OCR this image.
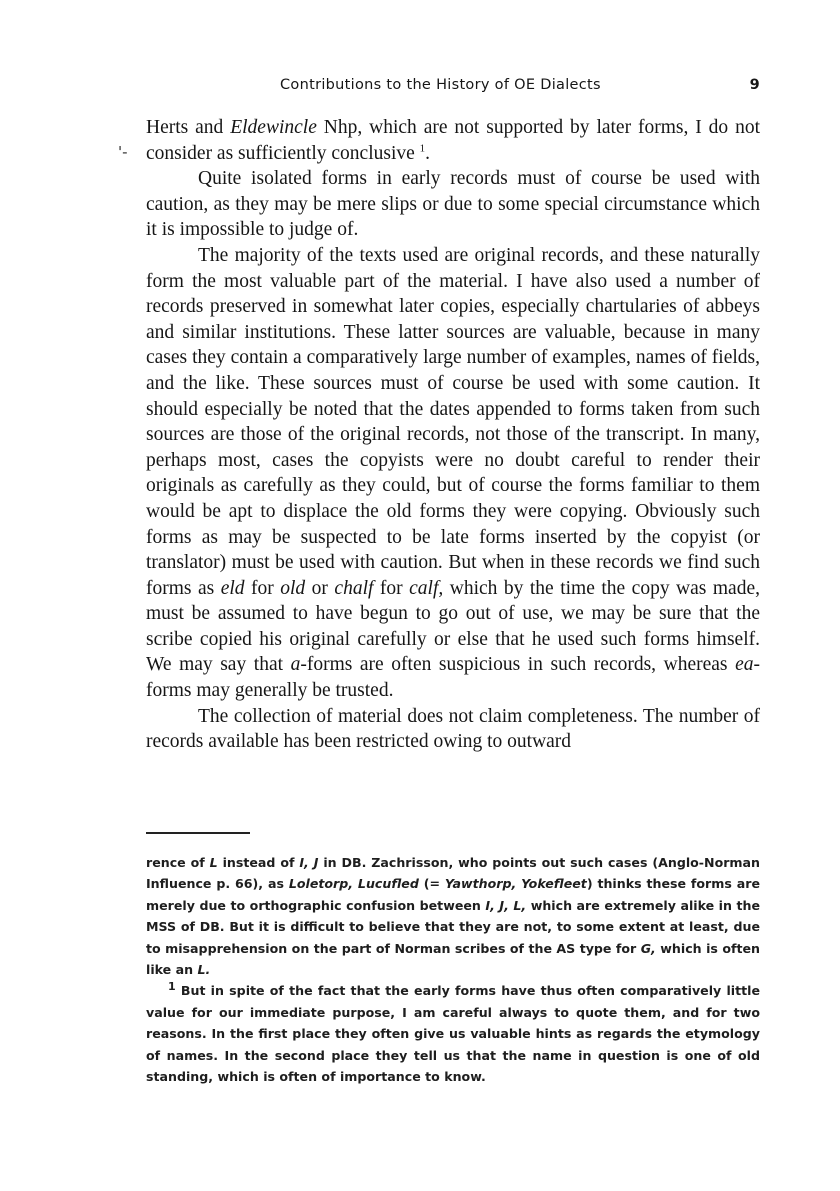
Contributions to the History of OE Dialects	9
'-

Herts and Eldewincle Nhp, which are not supported by later forms, I do not consider as sufficiently conclusive $^1$.

Quite isolated forms in early records must of course be used with caution, as they may be mere slips or due to some special circumstance which it is impossible to judge of.

The majority of the texts used are original records, and these naturally form the most valuable part of the material. I have also used a number of records preserved in somewhat later copies, especially chartularies of abbeys and similar institutions. These latter sources are valuable, because in many cases they contain a comparatively large number of examples, names of fields, and the like. These sources must of course be used with some caution. It should especially be noted that the dates appended to forms taken from such sources are those of the original records, not those of the transcript. In many, perhaps most, cases the copyists were no doubt careful to render their originals as carefully as they could, but of course the forms familiar to them would be apt to displace the old forms they were copying. Obviously such forms as may be suspected to be late forms inserted by the copyist (or translator) must be used with caution. But when in these records we find such forms as eld for old or chalf for calf, which by the time the copy was made, must be assumed to have begun to go out of use, we may be sure that the scribe copied his original carefully or else that he used such forms himself. We may say that a-forms are often suspicious in such records, whereas ea-forms may generally be trusted.

The collection of material does not claim completeness. The number of records available has been restricted owing to outward

rence of L instead of I, J in DB. Zachrisson, who points out such cases (Anglo-Norman Influence p. 66), as Loletorp, Lucufled (= Yawthorp, Yokefleet) thinks these forms are merely due to orthographic confusion between I, J, L, which are extremely alike in the MSS of DB. But it is difficult to believe that they are not, to some extent at least, due to misapprehension on the part of Norman scribes of the AS type for G, which is often like an L.

$^1$ But in spite of the fact that the early forms have thus often comparatively little value for our immediate purpose, I am careful always to quote them, and for two reasons. In the first place they often give us valuable hints as regards the etymology of names. In the second place they tell us that the name in question is one of old standing, which is often of importance to know.
